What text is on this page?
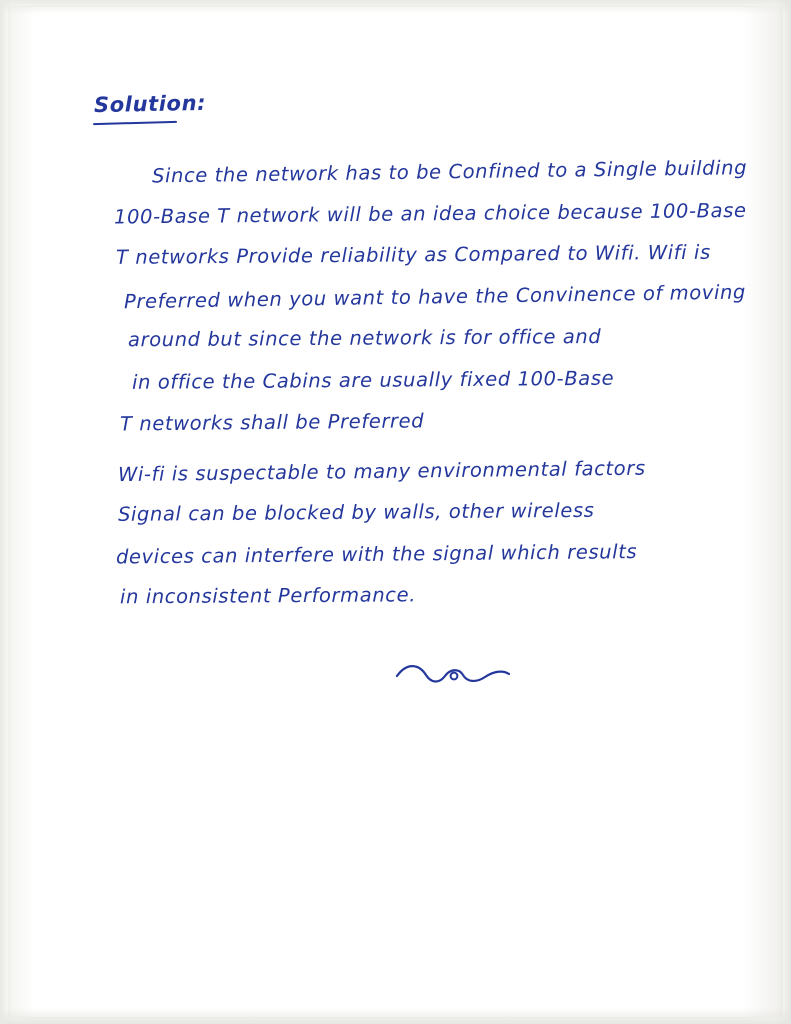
Solution:

Since the network has to be Confined to a Single building

100-Base T network will be an idea choice because 100-Base

T networks Provide reliability as Compared to Wifi. Wifi is

Preferred when you want to have the Convinence of moving

around but since the network is for office and

in office the Cabins are usually fixed 100-Base

T networks shall be Preferred

Wi-fi is suspectable to many environmental factors

Signal can be blocked by walls, other wireless

devices can interfere with the signal which results

in inconsistent Performance.
